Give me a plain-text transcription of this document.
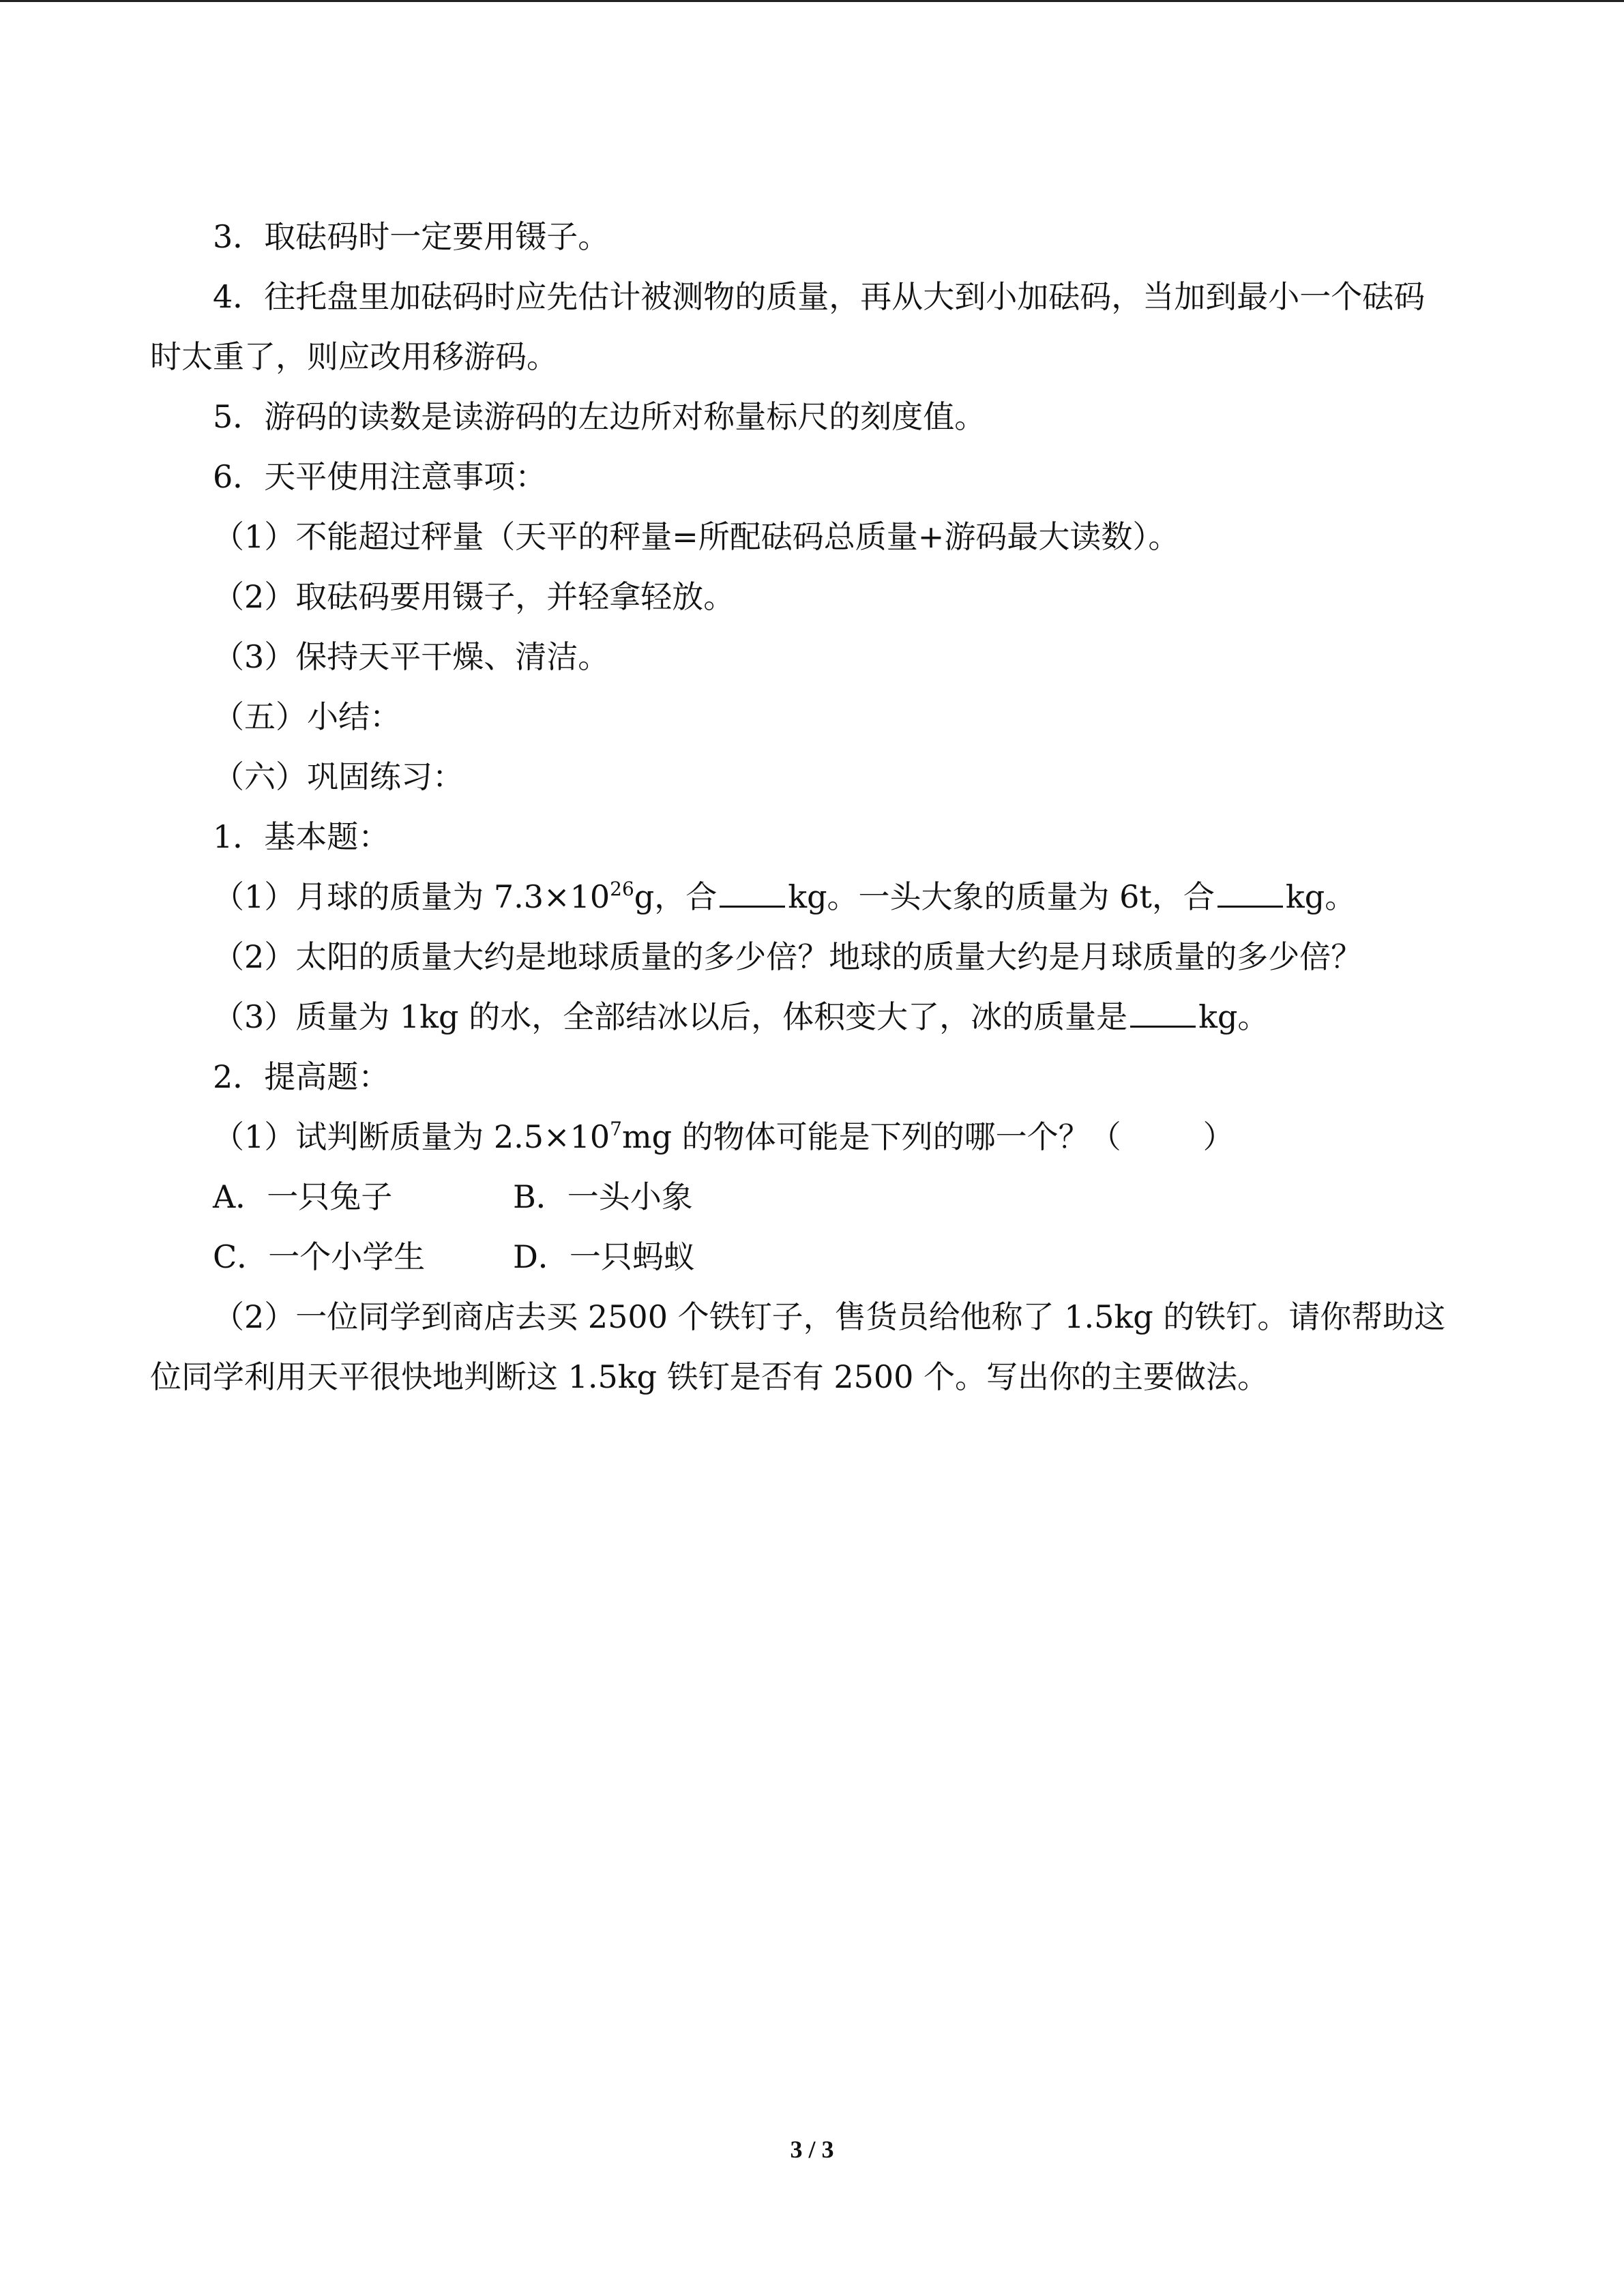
3．取砝码时一定要用镊子。
4．往托盘里加砝码时应先估计被测物的质量，再从大到小加砝码，当加到最小一个砝码
时太重了，则应改用移游码。
5．游码的读数是读游码的左边所对称量标尺的刻度值。
6．天平使用注意事项：
（1）不能超过秤量（天平的秤量=所配砝码总质量+游码最大读数）。
（2）取砝码要用镊子，并轻拿轻放。
（3）保持天平干燥、清洁。
（五）小结：
（六）巩固练习：
1．基本题：
（1）月球的质量为 $7.3\times 10^{26}g$，合 kg。一头大象的质量为 6t，合 kg。
（2）太阳的质量大约是地球质量的多少倍？地球的质量大约是月球质量的多少倍？
（3）质量为 1kg 的水，全部结冰以后，体积变大了，冰的质量是 kg。
2．提高题：
（1）试判断质量为 $2.5\times 10^7mg$ 的物体可能是下列的哪一个？（	）
A．一只兔子	B．一头小象
C．一个小学生	D．一只蚂蚁
（2）一位同学到商店去买 2500 个铁钉子，售货员给他称了 1.5kg 的铁钉。请你帮助这
位同学利用天平很快地判断这 1.5kg 铁钉是否有 2500 个。写出你的主要做法。
3 / 3
